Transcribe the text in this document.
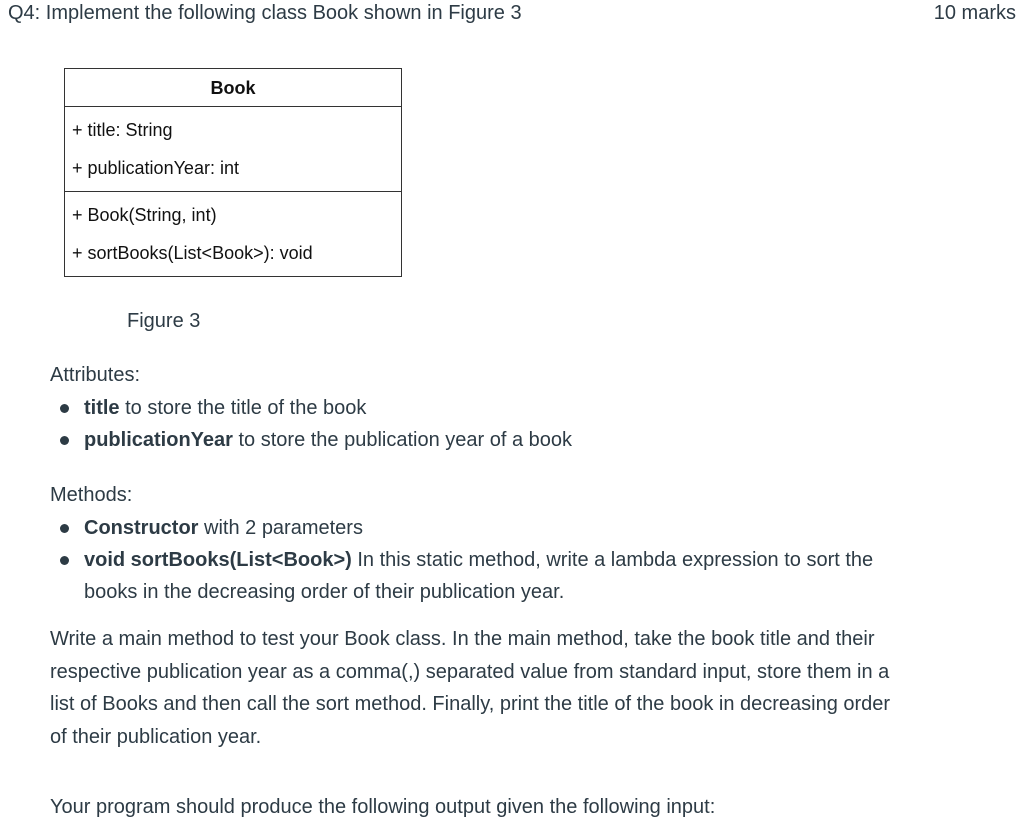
Q4: Implement the following class Book shown in Figure 3	10 marks
Book
+ title: String
+ publicationYear: int
+ Book(String, int)
+ sortBooks(List<Book>): void
Figure 3
Attributes:
title to store the title of the book
publicationYear to store the publication year of a book
Methods:
Constructor with 2 parameters
void sortBooks(List<Book>) In this static method, write a lambda expression to sort the books in the decreasing order of their publication year.

Write a main method to test your Book class. In the main method, take the book title and their respective publication year as a comma(,) separated value from standard input, store them in a list of Books and then call the sort method. Finally, print the title of the book in decreasing order of their publication year.

Your program should produce the following output given the following input:
